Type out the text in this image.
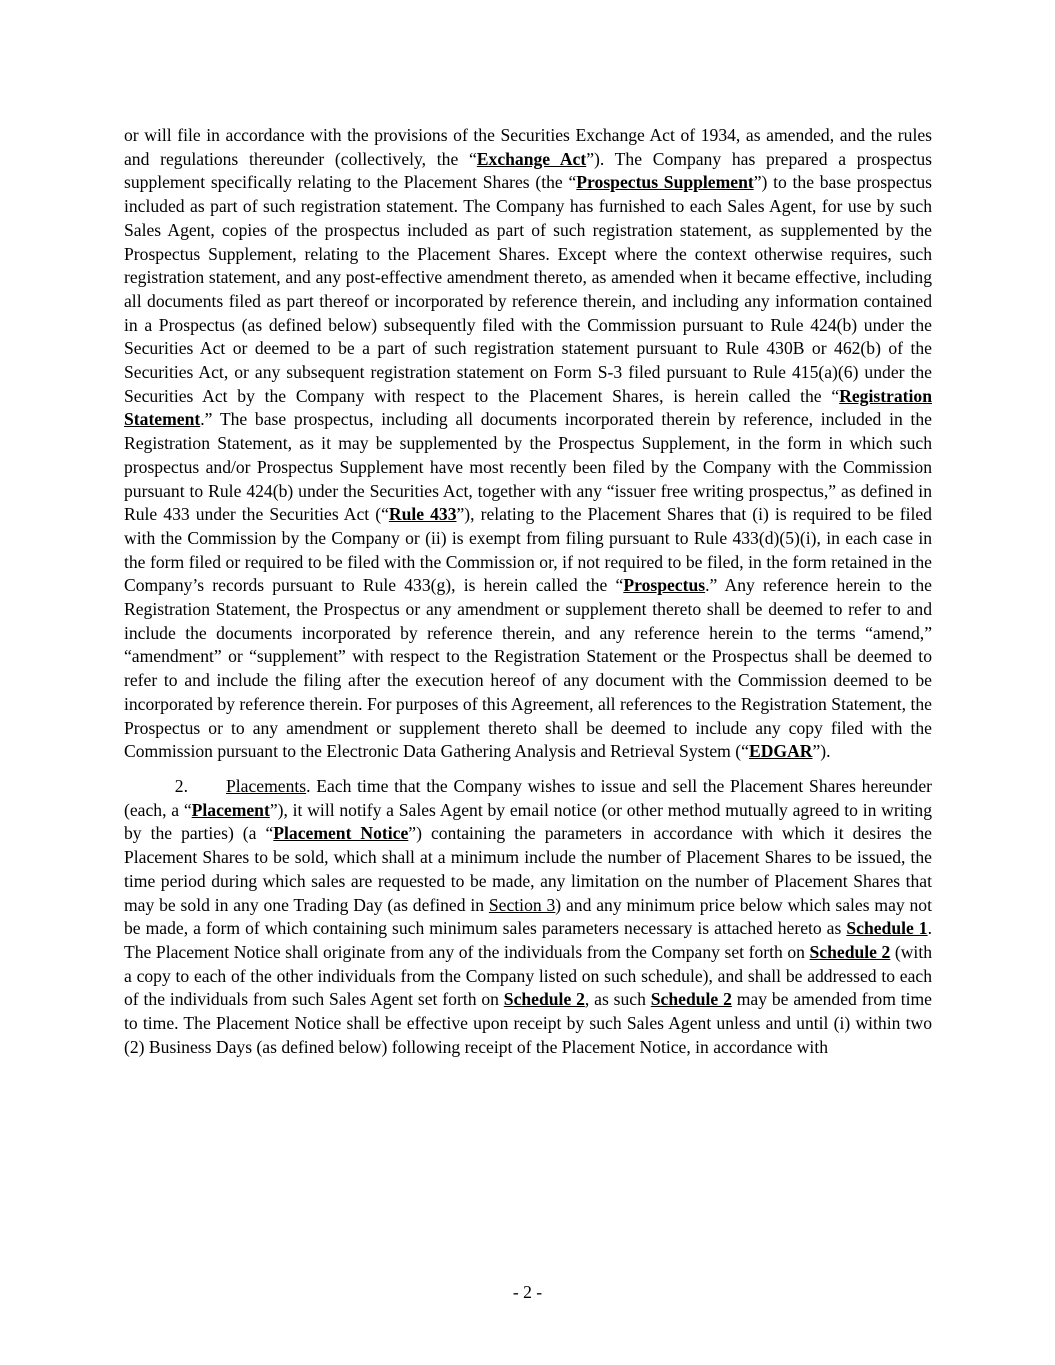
or will file in accordance with the provisions of the Securities Exchange Act of 1934, as amended, and the rules and regulations thereunder (collectively, the “Exchange Act”). The Company has prepared a prospectus supplement specifically relating to the Placement Shares (the “Prospectus Supplement”) to the base prospectus included as part of such registration statement. The Company has furnished to each Sales Agent, for use by such Sales Agent, copies of the prospectus included as part of such registration statement, as supplemented by the Prospectus Supplement, relating to the Placement Shares. Except where the context otherwise requires, such registration statement, and any post-effective amendment thereto, as amended when it became effective, including all documents filed as part thereof or incorporated by reference therein, and including any information contained in a Prospectus (as defined below) subsequently filed with the Commission pursuant to Rule 424(b) under the Securities Act or deemed to be a part of such registration statement pursuant to Rule 430B or 462(b) of the Securities Act, or any subsequent registration statement on Form S-3 filed pursuant to Rule 415(a)(6) under the Securities Act by the Company with respect to the Placement Shares, is herein called the “Registration Statement.” The base prospectus, including all documents incorporated therein by reference, included in the Registration Statement, as it may be supplemented by the Prospectus Supplement, in the form in which such prospectus and/or Prospectus Supplement have most recently been filed by the Company with the Commission pursuant to Rule 424(b) under the Securities Act, together with any “issuer free writing prospectus,” as defined in Rule 433 under the Securities Act (“Rule 433”), relating to the Placement Shares that (i) is required to be filed with the Commission by the Company or (ii) is exempt from filing pursuant to Rule 433(d)(5)(i), in each case in the form filed or required to be filed with the Commission or, if not required to be filed, in the form retained in the Company’s records pursuant to Rule 433(g), is herein called the “Prospectus.” Any reference herein to the Registration Statement, the Prospectus or any amendment or supplement thereto shall be deemed to refer to and include the documents incorporated by reference therein, and any reference herein to the terms “amend,” “amendment” or “supplement” with respect to the Registration Statement or the Prospectus shall be deemed to refer to and include the filing after the execution hereof of any document with the Commission deemed to be incorporated by reference therein. For purposes of this Agreement, all references to the Registration Statement, the Prospectus or to any amendment or supplement thereto shall be deemed to include any copy filed with the Commission pursuant to the Electronic Data Gathering Analysis and Retrieval System (“EDGAR”).

2. Placements. Each time that the Company wishes to issue and sell the Placement Shares hereunder (each, a “Placement”), it will notify a Sales Agent by email notice (or other method mutually agreed to in writing by the parties) (a “Placement Notice”) containing the parameters in accordance with which it desires the Placement Shares to be sold, which shall at a minimum include the number of Placement Shares to be issued, the time period during which sales are requested to be made, any limitation on the number of Placement Shares that may be sold in any one Trading Day (as defined in Section 3) and any minimum price below which sales may not be made, a form of which containing such minimum sales parameters necessary is attached hereto as Schedule 1. The Placement Notice shall originate from any of the individuals from the Company set forth on Schedule 2 (with a copy to each of the other individuals from the Company listed on such schedule), and shall be addressed to each of the individuals from such Sales Agent set forth on Schedule 2, as such Schedule 2 may be amended from time to time. The Placement Notice shall be effective upon receipt by such Sales Agent unless and until (i) within two (2) Business Days (as defined below) following receipt of the Placement Notice, in accordance with

- 2 -
